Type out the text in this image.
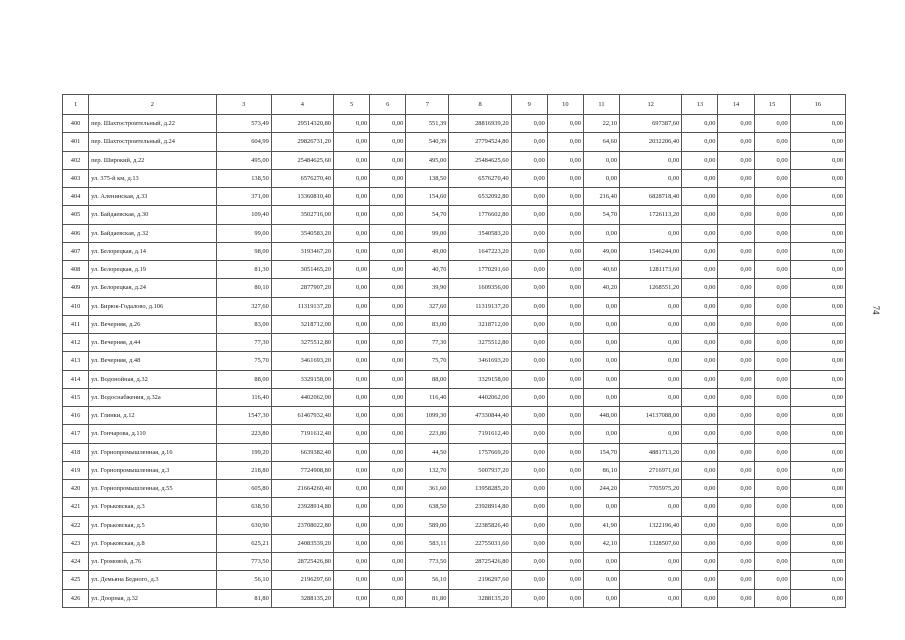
1	2	3	4	5	6	7	8	9	10	11	12	13	14	15	16
400	пер. Шахтостроительный, д.22	573,49	29514320,80	0,00	0,00	551,39	28816939,20	0,00	0,00	22,10	697387,60	0,00	0,00	0,00	0,00
401	пер. Шахтостроительный, д.24	604,99	29826731,20	0,00	0,00	540,39	27794524,80	0,00	0,00	64,60	2032206,40	0,00	0,00	0,00	0,00
402	пер. Широкий, д.22	495,00	25484625,60	0,00	0,00	495,00	25484625,60	0,00	0,00	0,00	0,00	0,00	0,00	0,00	0,00
403	ул. 375-й км, д.13	138,50	6576270,40	0,00	0,00	138,50	6576270,40	0,00	0,00	0,00	0,00	0,00	0,00	0,00	0,00
404	ул. Аленинская, д.33	371,00	13360810,40	0,00	0,00	154,60	6532092,80	0,00	0,00	216,40	6828718,40	0,00	0,00	0,00	0,00
405	ул. Байдаевская, д.30	109,40	3502716,00	0,00	0,00	54,70	1776602,80	0,00	0,00	54,70	1726113,20	0,00	0,00	0,00	0,00
406	ул. Байдаевская, д.32	99,00	3540583,20	0,00	0,00	99,00	3540583,20	0,00	0,00	0,00	0,00	0,00	0,00	0,00	0,00
407	ул. Белорецкая, д.14	98,00	3193467,20	0,00	0,00	49,00	1647223,20	0,00	0,00	49,00	1546244,00	0,00	0,00	0,00	0,00
408	ул. Белорецкая, д.19	81,30	3051465,20	0,00	0,00	40,70	1770291,60	0,00	0,00	40,60	1281173,60	0,00	0,00	0,00	0,00
409	ул. Белорецкая, д.24	80,10	2877907,20	0,00	0,00	39,90	1609356,00	0,00	0,00	40,20	1268551,20	0,00	0,00	0,00	0,00
410	ул. Бирюк-Годалово, д.106	327,60	11319137,20	0,00	0,00	327,60	11319137,20	0,00	0,00	0,00	0,00	0,00	0,00	0,00	0,00
411	ул. Вечерняя, д.26	83,00	3218712,00	0,00	0,00	83,00	3218712,00	0,00	0,00	0,00	0,00	0,00	0,00	0,00	0,00
412	ул. Вечерняя, д.44	77,30	3275512,80	0,00	0,00	77,30	3275512,80	0,00	0,00	0,00	0,00	0,00	0,00	0,00	0,00
413	ул. Вечерняя, д.48	75,70	3461693,20	0,00	0,00	75,70	3461693,20	0,00	0,00	0,00	0,00	0,00	0,00	0,00	0,00
414	ул. Водонойная, д.32	88,00	3329158,00	0,00	0,00	88,00	3329158,00	0,00	0,00	0,00	0,00	0,00	0,00	0,00	0,00
415	ул. Водоснабжения, д.32а	116,40	4402062,00	0,00	0,00	116,40	4402062,00	0,00	0,00	0,00	0,00	0,00	0,00	0,00	0,00
416	ул. Глинки, д.12	1547,30	61467932,40	0,00	0,00	1099,30	47330844,40	0,00	0,00	448,00	14137088,00	0,00	0,00	0,00	0,00
417	ул. Гончарова, д.110	223,80	7191612,40	0,00	0,00	223,80	7191612,40	0,00	0,00	0,00	0,00	0,00	0,00	0,00	0,00
418	ул. Горнопромышленная, д.16	199,20	6639382,40	0,00	0,00	44,50	1757669,20	0,00	0,00	154,70	4881713,20	0,00	0,00	0,00	0,00
419	ул. Горнопромышленная, д.3	218,80	7724908,80	0,00	0,00	132,70	5007937,20	0,00	0,00	86,10	2716971,60	0,00	0,00	0,00	0,00
420	ул. Горнопромышленная, д.55	605,80	21664260,40	0,00	0,00	361,60	13958285,20	0,00	0,00	244,20	7705975,20	0,00	0,00	0,00	0,00
421	ул. Горьковская, д.3	638,50	23928914,80	0,00	0,00	638,50	23928914,80	0,00	0,00	0,00	0,00	0,00	0,00	0,00	0,00
422	ул. Горьковская, д.5	630,90	23708022,80	0,00	0,00	589,00	22385826,40	0,00	0,00	41,90	1322196,40	0,00	0,00	0,00	0,00
423	ул. Горьковская, д.8	625,21	24083539,20	0,00	0,00	583,11	22755031,60	0,00	0,00	42,10	1328507,60	0,00	0,00	0,00	0,00
424	ул. Громовой, д.76	773,50	28725426,80	0,00	0,00	773,50	28725426,80	0,00	0,00	0,00	0,00	0,00	0,00	0,00	0,00
425	ул. Демьяна Бедного, д.3	56,10	2196297,60	0,00	0,00	56,10	2196297,60	0,00	0,00	0,00	0,00	0,00	0,00	0,00	0,00
426	ул. Доорная, д.32	81,80	3288135,20	0,00	0,00	81,80	3288135,20	0,00	0,00	0,00	0,00	0,00	0,00	0,00	0,00
74
